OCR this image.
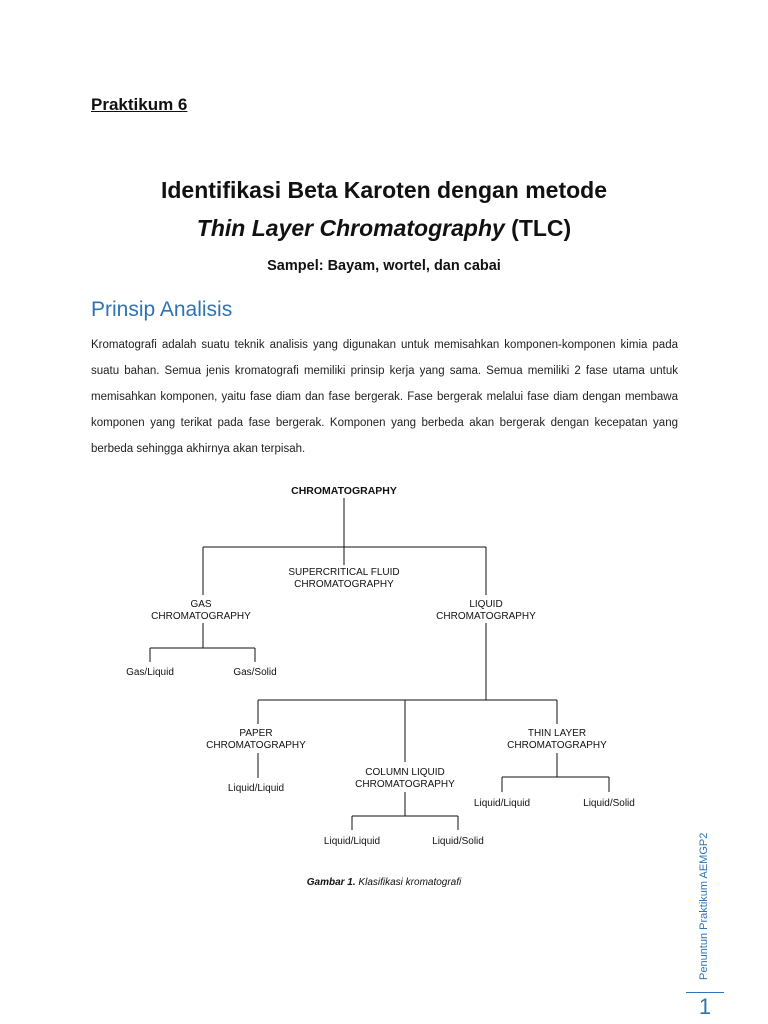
Praktikum 6
Identifikasi Beta Karoten dengan metode
Thin Layer Chromatography (TLC)
Sampel: Bayam, wortel, dan cabai
Prinsip Analisis
Kromatografi adalah suatu teknik analisis yang digunakan untuk memisahkan komponen-komponen kimia pada suatu bahan. Semua jenis kromatografi memiliki prinsip kerja yang sama. Semua memiliki 2 fase utama untuk memisahkan komponen, yaitu fase diam dan fase bergerak. Fase bergerak melalui fase diam dengan membawa komponen yang terikat pada fase bergerak. Komponen yang berbeda akan bergerak dengan kecepatan yang berbeda sehingga akhirnya akan terpisah.
CHROMATOGRAPHY
SUPERCRITICAL FLUID
CHROMATOGRAPHY
GAS
CHROMATOGRAPHY
LIQUID
CHROMATOGRAPHY
Gas/Liquid	Gas/Solid
PAPER
CHROMATOGRAPHY
THIN LAYER
CHROMATOGRAPHY
Liquid/Liquid
COLUMN LIQUID
CHROMATOGRAPHY
Liquid/Liquid	Liquid/Solid
Liquid/Liquid	Liquid/Solid
Gambar 1. Klasifikasi kromatografi	Penuntun Praktikum AEMGP2
1
